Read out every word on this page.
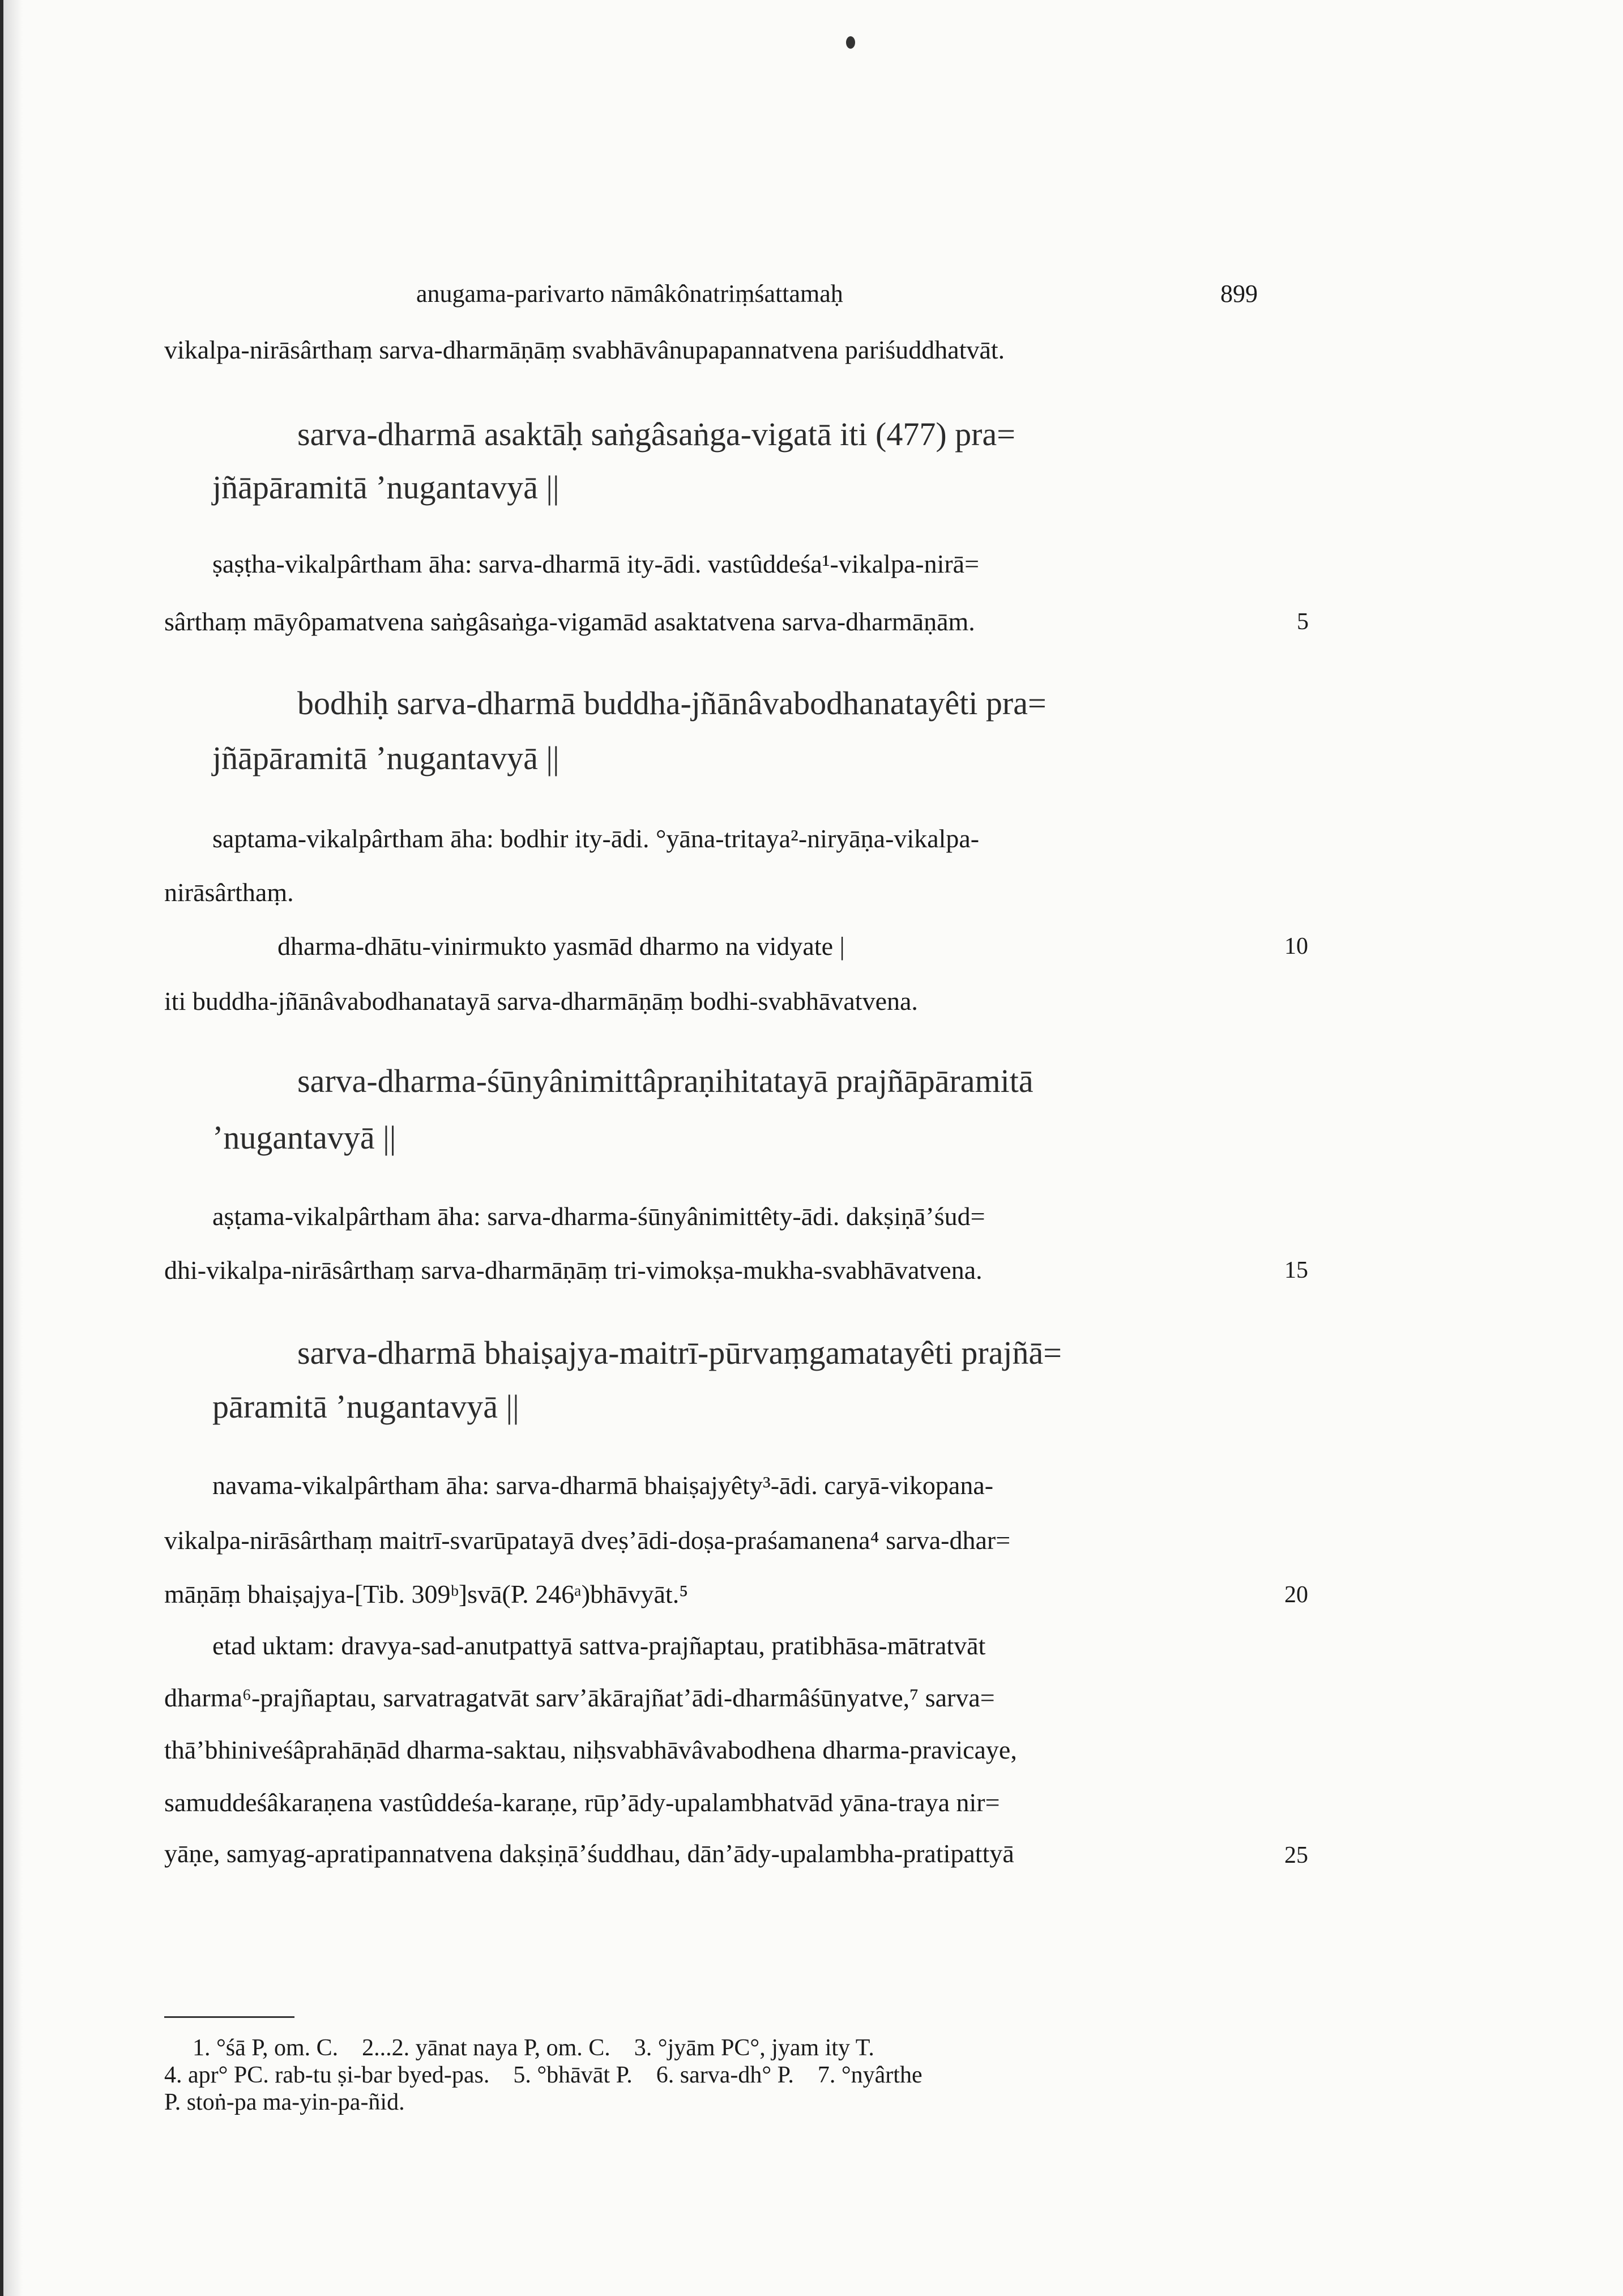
anugama-parivarto nāmâkônatriṃśattamaḥ	899
vikalpa-nirāsârthaṃ sarva-dharmāṇāṃ svabhāvânupapannatvena pariśuddhatvāt.
sarva-dharmā asaktāḥ saṅgâsaṅga-vigatā iti (477) pra=
jñāpāramitā ’nugantavyā ||
ṣaṣṭha-vikalpârtham āha: sarva-dharmā ity-ādi. vastûddeśa¹-vikalpa-nirā=
sârthaṃ māyôpamatvena saṅgâsaṅga-vigamād asaktatvena sarva-dharmāṇām.
bodhiḥ sarva-dharmā buddha-jñānâvabodhanatayêti pra=
jñāpāramitā ’nugantavyā ||
saptama-vikalpârtham āha: bodhir ity-ādi. °yāna-tritaya²-niryāṇa-vikalpa-
nirāsârthaṃ.
dharma-dhātu-vinirmukto yasmād dharmo na vidyate |
iti buddha-jñānâvabodhanatayā sarva-dharmāṇāṃ bodhi-svabhāvatvena.
sarva-dharma-śūnyânimittâpraṇihitatayā prajñāpāramitā
’nugantavyā ||
aṣṭama-vikalpârtham āha: sarva-dharma-śūnyânimittêty-ādi. dakṣiṇā’śud=
dhi-vikalpa-nirāsârthaṃ sarva-dharmāṇāṃ tri-vimokṣa-mukha-svabhāvatvena.
sarva-dharmā bhaiṣajya-maitrī-pūrvaṃgamatayêti prajñā=
pāramitā ’nugantavyā ||
navama-vikalpârtham āha: sarva-dharmā bhaiṣajyêty³-ādi. caryā-vikopana-
vikalpa-nirāsârthaṃ maitrī-svarūpatayā dveṣ’ādi-doṣa-praśamanena⁴ sarva-dhar=
māṇāṃ bhaiṣajya-[Tib. 309ᵇ]svā(P. 246ᵃ)bhāvyāt.⁵
etad uktam: dravya-sad-anutpattyā sattva-prajñaptau, pratibhāsa-mātratvāt
dharma⁶-prajñaptau, sarvatragatvāt sarv’ākārajñat’ādi-dharmâśūnyatve,⁷ sarva=
thā’bhiniveśâprahāṇād dharma-saktau, niḥsvabhāvâvabodhena dharma-pravicaye,
samuddeśâkaraṇena vastûddeśa-karaṇe, rūp’ādy-upalambhatvād yāna-traya nir=
yāṇe, samyag-apratipannatvena dakṣiṇā’śuddhau, dān’ādy-upalambha-pratipattyā
5
10
15
20
25
1. °śā P, om. C.    2...2. yānat naya P, om. C.    3. °jyām PC°, jyam ity T.
4. apr° PC. rab-tu ṣi-bar byed-pas.    5. °bhāvāt P.    6. sarva-dh° P.    7. °nyârthe
P. stoṅ-pa ma-yin-pa-ñid.
